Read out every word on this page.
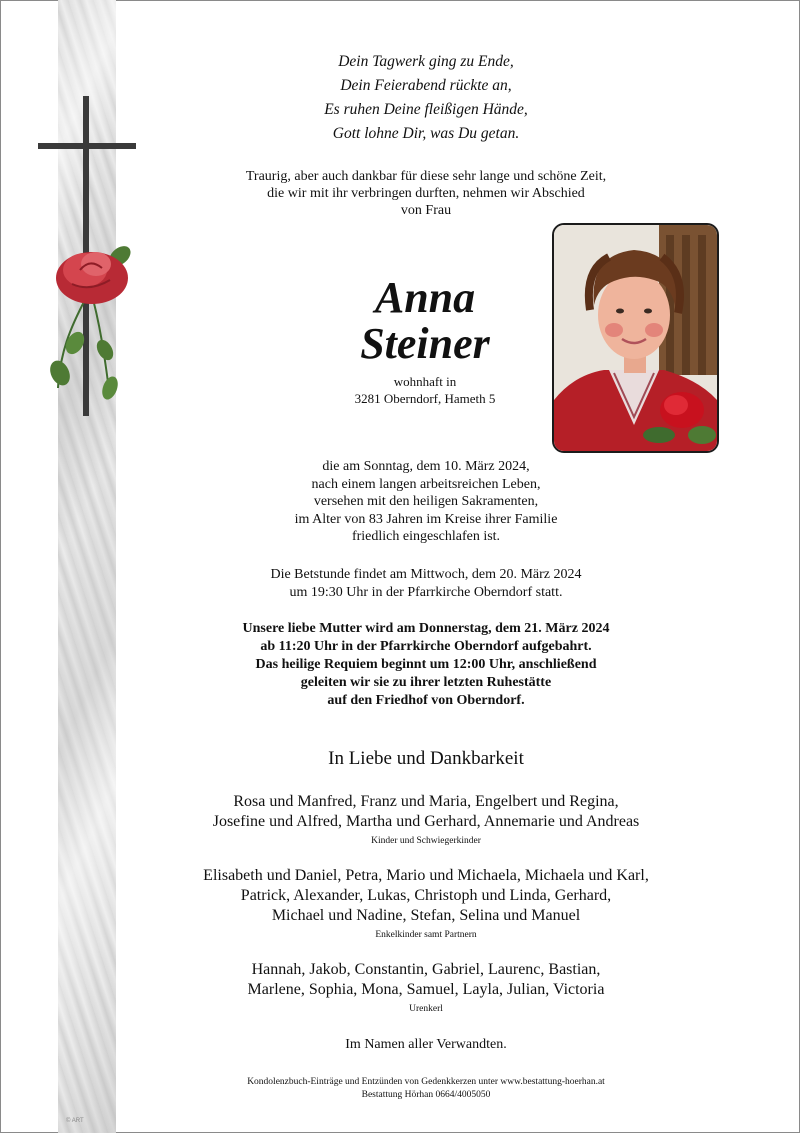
© ART
Dein Tagwerk ging zu Ende,
Dein Feierabend rückte an,
Es ruhen Deine fleißigen Hände,
Gott lohne Dir, was Du getan.
Traurig, aber auch dankbar für diese sehr lange und schöne Zeit,
die wir mit ihr verbringen durften, nehmen wir Abschied
von Frau
Anna
Steiner
wohnhaft in
3281 Oberndorf, Hameth 5
die am Sonntag, dem 10. März 2024,
nach einem langen arbeitsreichen Leben,
versehen mit den heiligen Sakramenten,
im Alter von 83 Jahren im Kreise ihrer Familie
friedlich eingeschlafen ist.
Die Betstunde findet am Mittwoch, dem 20. März 2024
um 19:30 Uhr in der Pfarrkirche Oberndorf statt.
Unsere liebe Mutter wird am Donnerstag, dem 21. März 2024
ab 11:20 Uhr in der Pfarrkirche Oberndorf aufgebahrt.
Das heilige Requiem beginnt um 12:00 Uhr, anschließend
geleiten wir sie zu ihrer letzten Ruhestätte
auf den Friedhof von Oberndorf.
In Liebe und Dankbarkeit
Rosa und Manfred, Franz und Maria, Engelbert und Regina,
Josefine und Alfred, Martha und Gerhard, Annemarie und Andreas
Kinder und Schwiegerkinder
Elisabeth und Daniel, Petra, Mario und Michaela, Michaela und Karl,
Patrick, Alexander, Lukas, Christoph und Linda, Gerhard,
Michael und Nadine, Stefan, Selina und Manuel
Enkelkinder samt Partnern
Hannah, Jakob, Constantin, Gabriel, Laurenc, Bastian,
Marlene, Sophia, Mona, Samuel, Layla, Julian, Victoria
Urenkerl
Im Namen aller Verwandten.
Kondolenzbuch-Einträge und Entzünden von Gedenkkerzen unter www.bestattung-hoerhan.at
Bestattung Hörhan 0664/4005050
